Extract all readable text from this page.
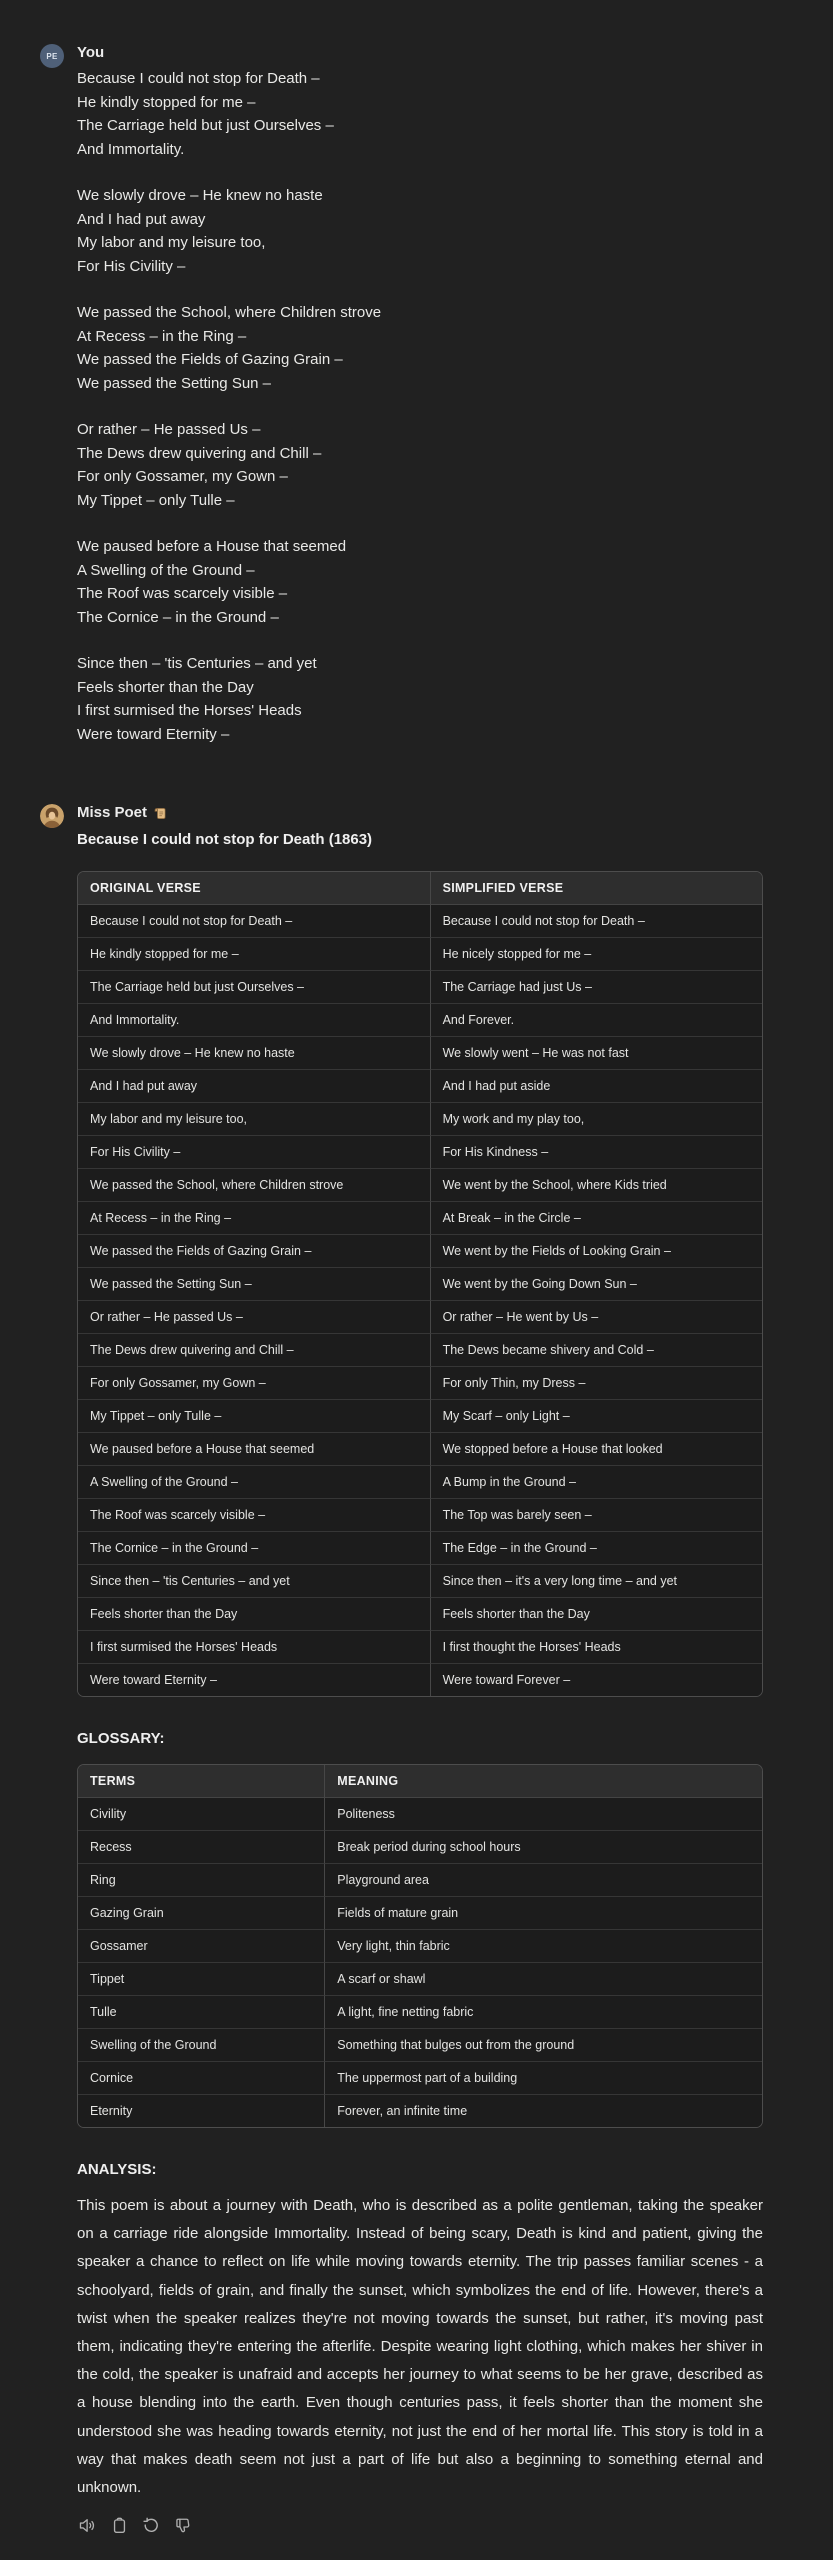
PE	You

Because I could not stop for Death –
He kindly stopped for me –
The Carriage held but just Ourselves –
And Immortality.

We slowly drove – He knew no haste
And I had put away
My labor and my leisure too,
For His Civility –

We passed the School, where Children strove
At Recess – in the Ring –
We passed the Fields of Gazing Grain –
We passed the Setting Sun –

Or rather – He passed Us –
The Dews drew quivering and Chill –
For only Gossamer, my Gown –
My Tippet – only Tulle –

We paused before a House that seemed
A Swelling of the Ground –
The Roof was scarcely visible –
The Cornice – in the Ground –

Since then – 'tis Centuries – and yet
Feels shorter than the Day
I first surmised the Horses' Heads
Were toward Eternity –

Miss Poet
Because I could not stop for Death (1863)
ORIGINAL VERSE	SIMPLIFIED VERSE
Because I could not stop for Death –	Because I could not stop for Death –
He kindly stopped for me –	He nicely stopped for me –
The Carriage held but just Ourselves –	The Carriage had just Us –
And Immortality.	And Forever.
We slowly drove – He knew no haste	We slowly went – He was not fast
And I had put away	And I had put aside
My labor and my leisure too,	My work and my play too,
For His Civility –	For His Kindness –
We passed the School, where Children strove	We went by the School, where Kids tried
At Recess – in the Ring –	At Break – in the Circle –
We passed the Fields of Gazing Grain –	We went by the Fields of Looking Grain –
We passed the Setting Sun –	We went by the Going Down Sun –
Or rather – He passed Us –	Or rather – He went by Us –
The Dews drew quivering and Chill –	The Dews became shivery and Cold –
For only Gossamer, my Gown –	For only Thin, my Dress –
My Tippet – only Tulle –	My Scarf – only Light –
We paused before a House that seemed	We stopped before a House that looked
A Swelling of the Ground –	A Bump in the Ground –
The Roof was scarcely visible –	The Top was barely seen –
The Cornice – in the Ground –	The Edge – in the Ground –
Since then – 'tis Centuries – and yet	Since then – it's a very long time – and yet
Feels shorter than the Day	Feels shorter than the Day
I first surmised the Horses' Heads	I first thought the Horses' Heads
Were toward Eternity –	Were toward Forever –
GLOSSARY:
TERMS	MEANING
Civility	Politeness
Recess	Break period during school hours
Ring	Playground area
Gazing Grain	Fields of mature grain
Gossamer	Very light, thin fabric
Tippet	A scarf or shawl
Tulle	A light, fine netting fabric
Swelling of the Ground	Something that bulges out from the ground
Cornice	The uppermost part of a building
Eternity	Forever, an infinite time
ANALYSIS:

This poem is about a journey with Death, who is described as a polite gentleman, taking the speaker on a carriage ride alongside Immortality. Instead of being scary, Death is kind and patient, giving the speaker a chance to reflect on life while moving towards eternity. The trip passes familiar scenes - a schoolyard, fields of grain, and finally the sunset, which symbolizes the end of life. However, there's a twist when the speaker realizes they're not moving towards the sunset, but rather, it's moving past them, indicating they're entering the afterlife. Despite wearing light clothing, which makes her shiver in the cold, the speaker is unafraid and accepts her journey to what seems to be her grave, described as a house blending into the earth. Even though centuries pass, it feels shorter than the moment she understood she was heading towards eternity, not just the end of her mortal life. This story is told in a way that makes death seem not just a part of life but also a beginning to something eternal and unknown.
